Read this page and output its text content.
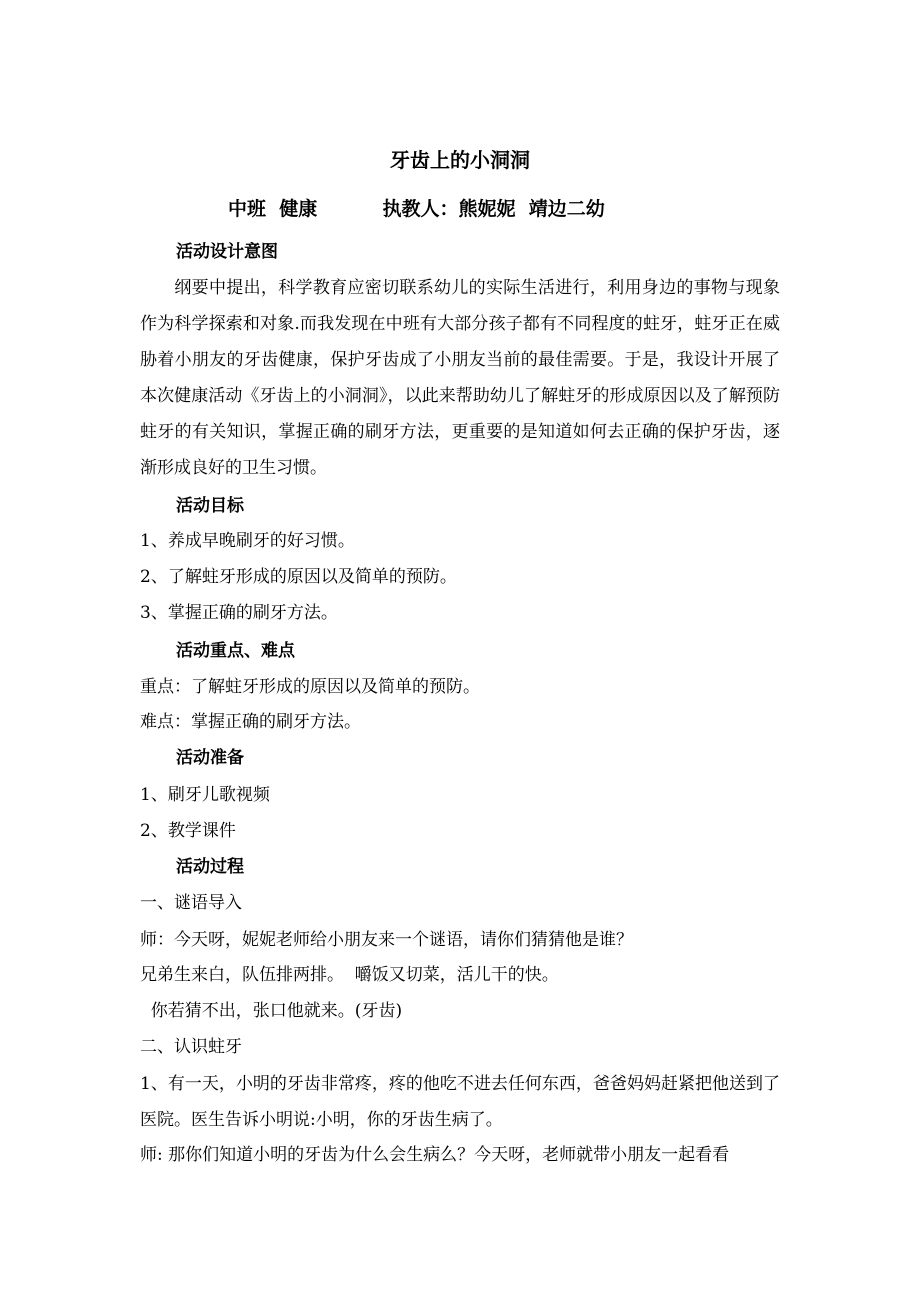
牙齿上的小洞洞
中班  健康	执教人：熊妮妮  靖边二幼
活动设计意图
纲要中提出，科学教育应密切联系幼儿的实际生活进行，利用身边的事物与现象作为科学探索和对象.而我发现在中班有大部分孩子都有不同程度的蛀牙，蛀牙正在威胁着小朋友的牙齿健康，保护牙齿成了小朋友当前的最佳需要。于是，我设计开展了本次健康活动《牙齿上的小洞洞》，以此来帮助幼儿了解蛀牙的形成原因以及了解预防蛀牙的有关知识，掌握正确的刷牙方法，更重要的是知道如何去正确的保护牙齿，逐渐形成良好的卫生习惯。
活动目标
1、养成早晚刷牙的好习惯。
2、了解蛀牙形成的原因以及简单的预防。
3、掌握正确的刷牙方法。
活动重点、难点
重点：了解蛀牙形成的原因以及简单的预防。
难点：掌握正确的刷牙方法。
活动准备
1、刷牙儿歌视频
2、教学课件
活动过程
一、谜语导入
师：今天呀，妮妮老师给小朋友来一个谜语，请你们猜猜他是谁？
兄弟生来白，队伍排两排。  嚼饭又切菜，活儿干的快。
你若猜不出，张口他就来。(牙齿)
二、认识蛀牙
1、有一天，小明的牙齿非常疼，疼的他吃不进去任何东西，爸爸妈妈赶紧把他送到了医院。医生告诉小明说:小明，你的牙齿生病了。
师: 那你们知道小明的牙齿为什么会生病么？今天呀，老师就带小朋友一起看看
